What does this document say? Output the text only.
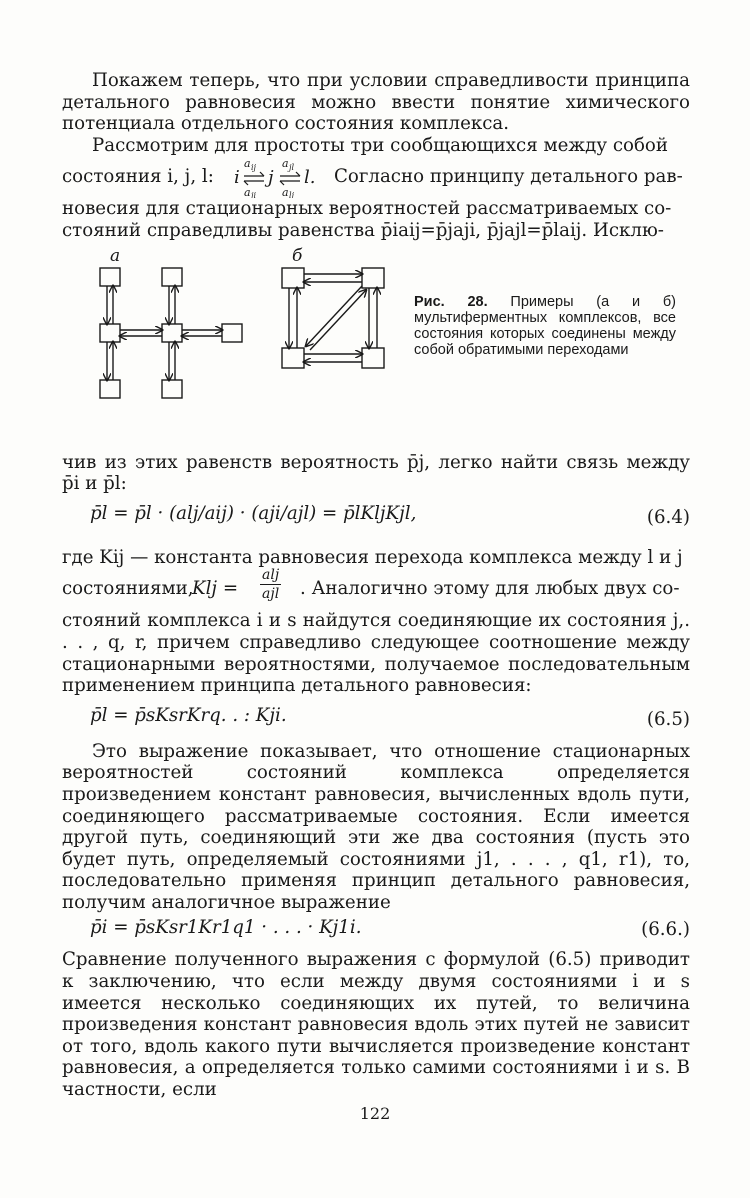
Покажем теперь, что при условии справедливости принципа детального равновесия можно ввести понятие химического потенциала отдельного состояния комплекса.

Рассмотрим для простоты три сообщающихся между собой

состояния i, j, l: i j l.
a ij a jl
a ji a lj
Согласно принципу детального рав-

новесия для стационарных вероятностей рассматриваемых со-

стояний справедливы равенства p̄iaij=p̄jaji, p̄jajl=p̄laij. Исклю-

а	б
Рис. 28. Примеры (а и б) мультиферментных комплексов, все состояния которых соединены между собой обратимыми переходами

чив из этих равенств вероятность p̄j, легко найти связь между p̄i и p̄l:

p̄l = p̄l · (alj/aij) · (aji/ajl) = p̄lKljKjl,	(6.4)

где Kij — константа равновесия перехода комплекса между l и j

состояниями,
Klj =
alj
ajl . Аналогично этому для любых двух со-

стояний комплекса i и s найдутся соединяющие их состояния j,. . . , q, r, причем справедливо следующее соотношение между стационарными вероятностями, получаемое последовательным применением принципа детального равновесия:

p̄l = p̄sKsrKrq. . : Kji.	(6.5)

Это выражение показывает, что отношение стационарных вероятностей состояний комплекса определяется произведением констант равновесия, вычисленных вдоль пути, соединяющего рассматриваемые состояния. Если имеется другой путь, соединяющий эти же два состояния (пусть это будет путь, определяемый состояниями j1, . . . , q1, r1), то, последовательно применяя принцип детального равновесия, получим аналогичное выражение

p̄i = p̄sKsr1Kr1q1 · . . . · Kj1i.	(6.6.)

Сравнение полученного выражения с формулой (6.5) приводит к заключению, что если между двумя состояниями i и s имеется несколько соединяющих их путей, то величина произведения констант равновесия вдоль этих путей не зависит от того, вдоль какого пути вычисляется произведение констант равновесия, а определяется только самими состояниями i и s. В частности, если

122
